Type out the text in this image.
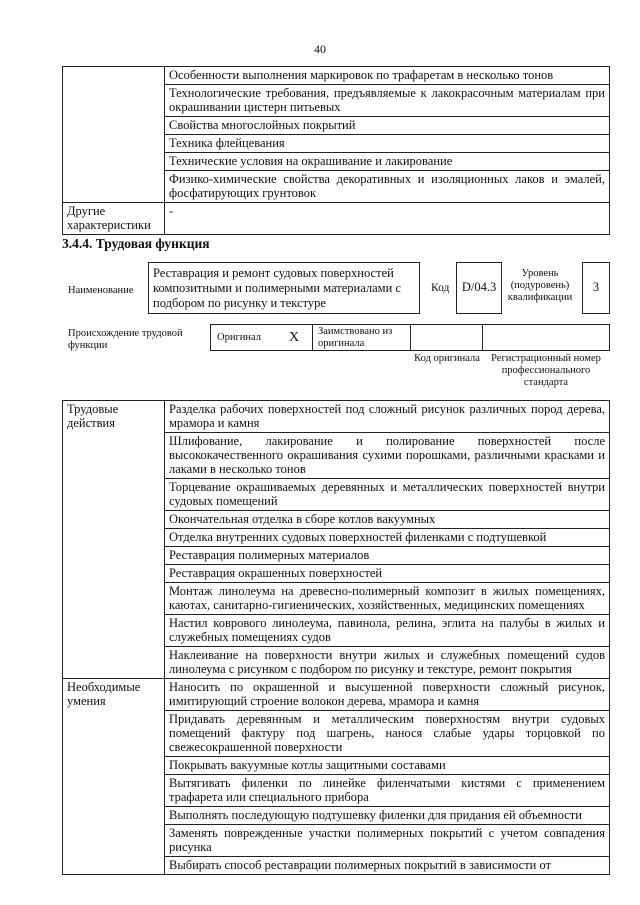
40
	Особенности выполнения маркировок по трафаретам в несколько тонов
	Технологические требования, предъявляемые к лакокрасочным материалам при окрашивании цистерн питьевых
	Свойства многослойных покрытий
	Техника флейцевания
	Технические условия на окрашивание и лакирование
	Физико-химические свойства декоративных и изоляционных лаков и эмалей, фосфатирующих грунтовок
Другие характеристики	-
3.4.4. Трудовая функция
Наименование
Реставрация и ремонт судовых поверхностей композитными и полимерными материалами с подбором по рисунку и текстуре
Код D/04.3
Уровень (подуровень) квалификации
3
Происхождение трудовой функции
Оригинал X Заимствовано из оригинала
Код оригинала	Регистрационный номер профессионального стандарта
Трудовые действия	Разделка рабочих поверхностей под сложный рисунок различных пород дерева, мрамора и камня
	Шлифование, лакирование и полирование поверхностей после высококачественного окрашивания сухими порошками, различными красками и лаками в несколько тонов
	Торцевание окрашиваемых деревянных и металлических поверхностей внутри судовых помещений
	Окончательная отделка в сборе котлов вакуумных
	Отделка внутренних судовых поверхностей филенками с подтушевкой
	Реставрация полимерных материалов
	Реставрация окрашенных поверхностей
	Монтаж линолеума на древесно-полимерный композит в жилых помещениях, каютах, санитарно-гигиенических, хозяйственных, медицинских помещениях
	Настил коврового линолеума, павинола, релина, эглита на палубы в жилых и служебных помещениях судов
	Наклеивание на поверхности внутри жилых и служебных помещений судов линолеума с рисунком с подбором по рисунку и текстуре, ремонт покрытия
Необходимые умения	Наносить по окрашенной и высушенной поверхности сложный рисунок, имитирующий строение волокон дерева, мрамора и камня
	Придавать деревянным и металлическим поверхностям внутри судовых помещений фактуру под шагрень, нанося слабые удары торцовкой по свежесокрашенной поверхности
	Покрывать вакуумные котлы защитными составами
	Вытягивать филенки по линейке филенчатыми кистями с применением трафарета или специального прибора
	Выполнять последующую подтушевку филенки для придания ей объемности
	Заменять поврежденные участки полимерных покрытий с учетом совпадения рисунка
	Выбирать способ реставрации полимерных покрытий в зависимости от
